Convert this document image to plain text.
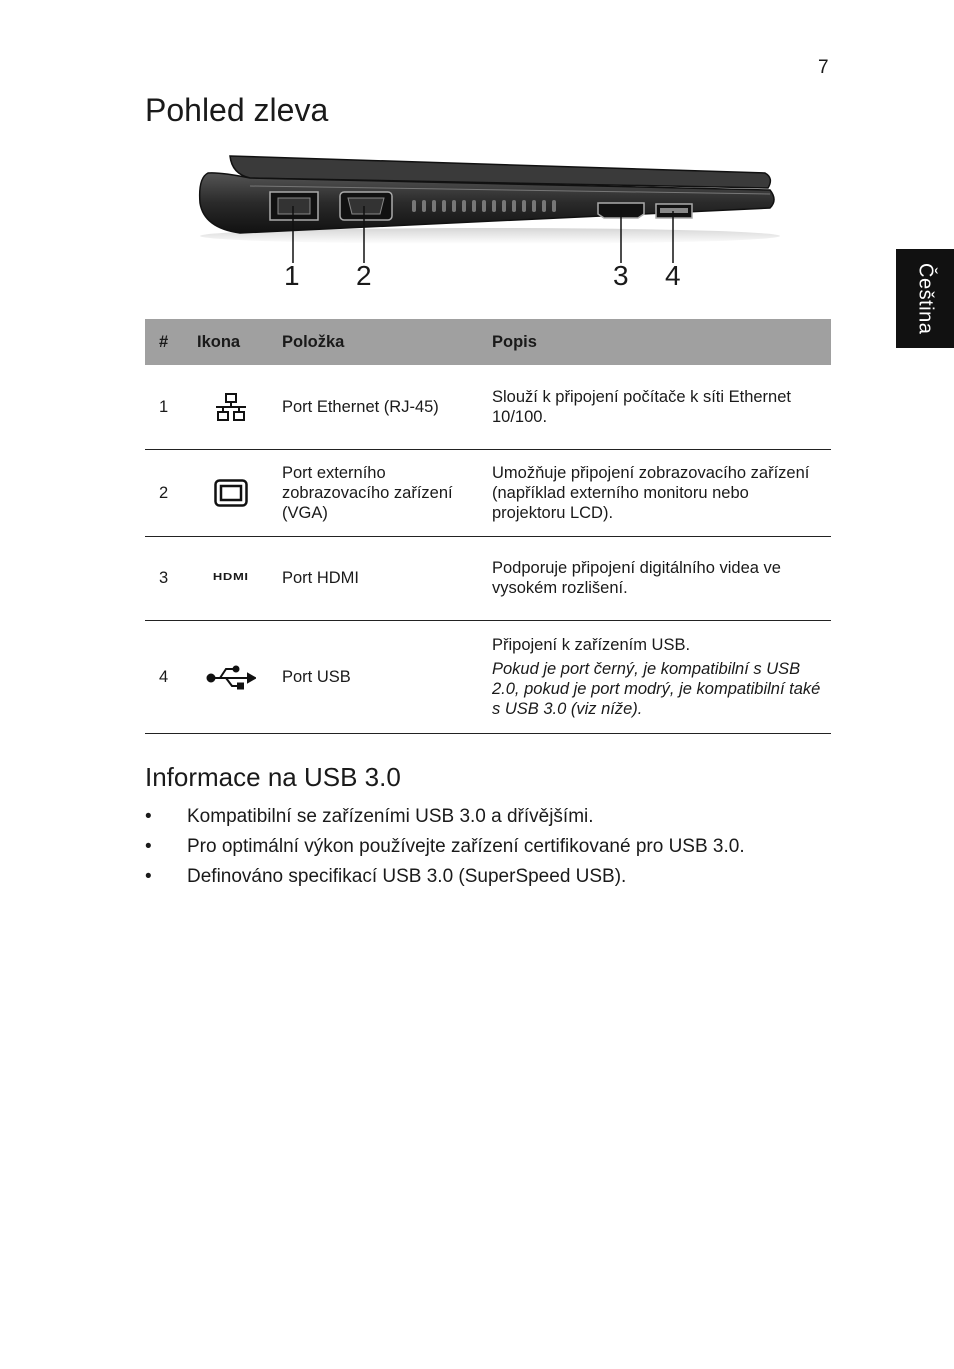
7
Pohled zleva
Čeština
1 2	3 4
#	Ikona	Položka	Popis
1		Port Ethernet (RJ-45)	Slouží k připojení počítače k síti Ethernet 10/100.
2		Port externího zobrazovacího zařízení (VGA)	Umožňuje připojení zobrazovacího zařízení (například externího monitoru nebo projektoru LCD).
3	HDMI	Port HDMI	Podporuje připojení digitálního videa ve vysokém rozlišení.
4		Port USB	Připojení k zařízením USB.
Pokud je port černý, je kompatibilní s USB 2.0, pokud je port modrý, je kompatibilní také s USB 3.0 (viz níže).
Informace na USB 3.0
• Kompatibilní se zařízeními USB 3.0 a dřívějšími.
• Pro optimální výkon používejte zařízení certifikované pro USB 3.0.
• Definováno specifikací USB 3.0 (SuperSpeed USB).
